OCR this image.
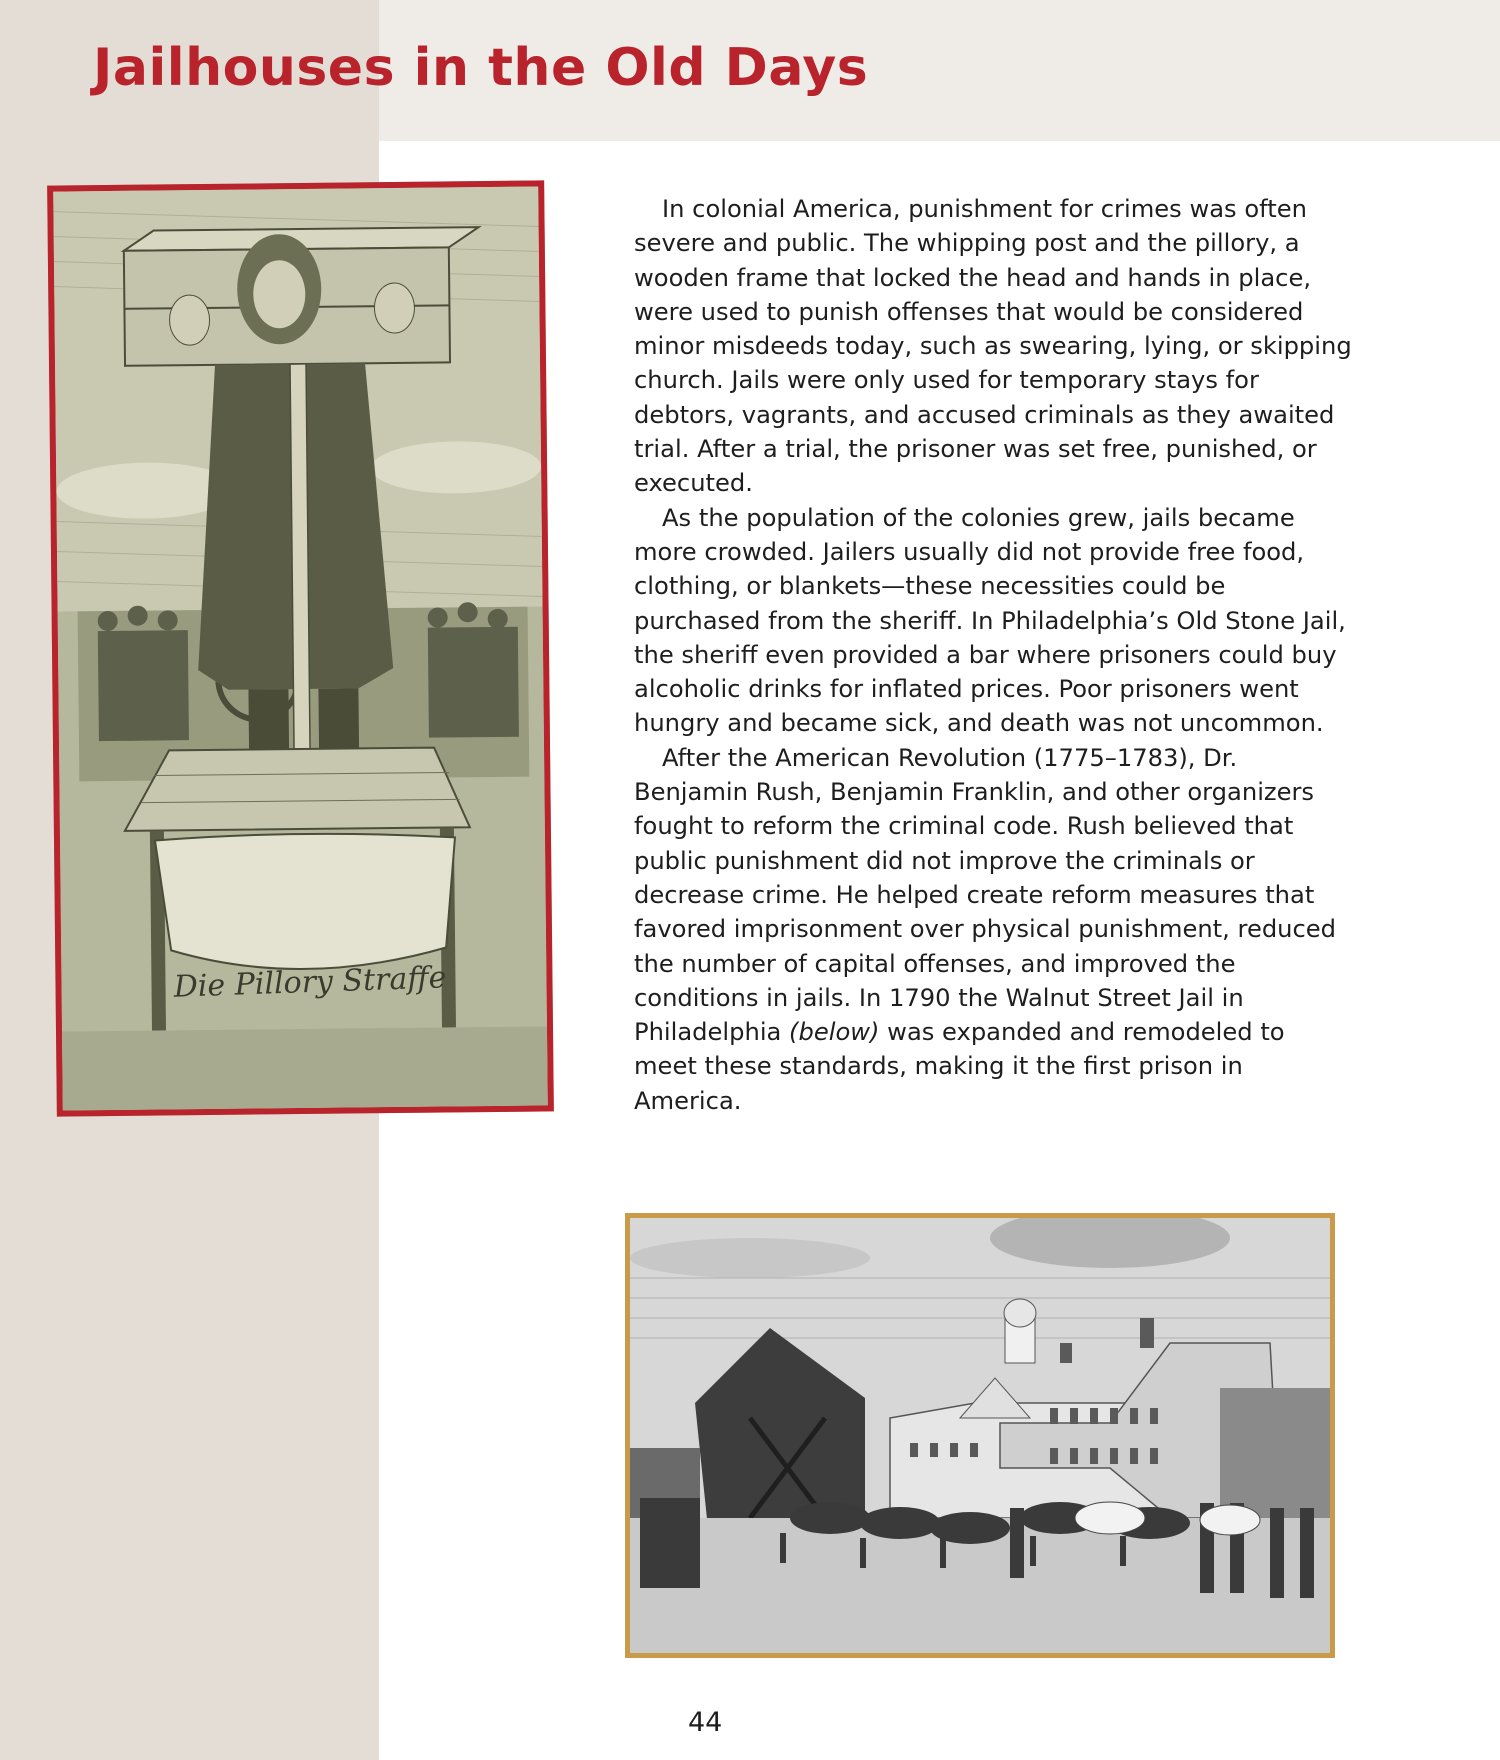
Jailhouses in the Old Days
Die Pillory Straffe

In colonial America, punishment for crimes was often severe and public. The whipping post and the pillory, a wooden frame that locked the head and hands in place, were used to punish offenses that would be considered minor misdeeds today, such as swearing, lying, or skipping church. Jails were only used for temporary stays for debtors, vagrants, and accused criminals as they awaited trial. After a trial, the prisoner was set free, punished, or executed.

As the population of the colonies grew, jails became more crowded. Jailers usually did not provide free food, clothing, or blankets—these necessities could be purchased from the sheriff. In Philadelphia’s Old Stone Jail, the sheriff even provided a bar where prisoners could buy alcoholic drinks for inflated prices. Poor prisoners went hungry and became sick, and death was not uncommon.

After the American Revolution (1775–1783), Dr. Benjamin Rush, Benjamin Franklin, and other organizers fought to reform the criminal code. Rush believed that public punishment did not improve the criminals or decrease crime. He helped create reform measures that favored imprisonment over physical punishment, reduced the number of capital offenses, and improved the conditions in jails. In 1790 the Walnut Street Jail in Philadelphia (below) was expanded and remodeled to meet these standards, making it the first prison in America.

44
